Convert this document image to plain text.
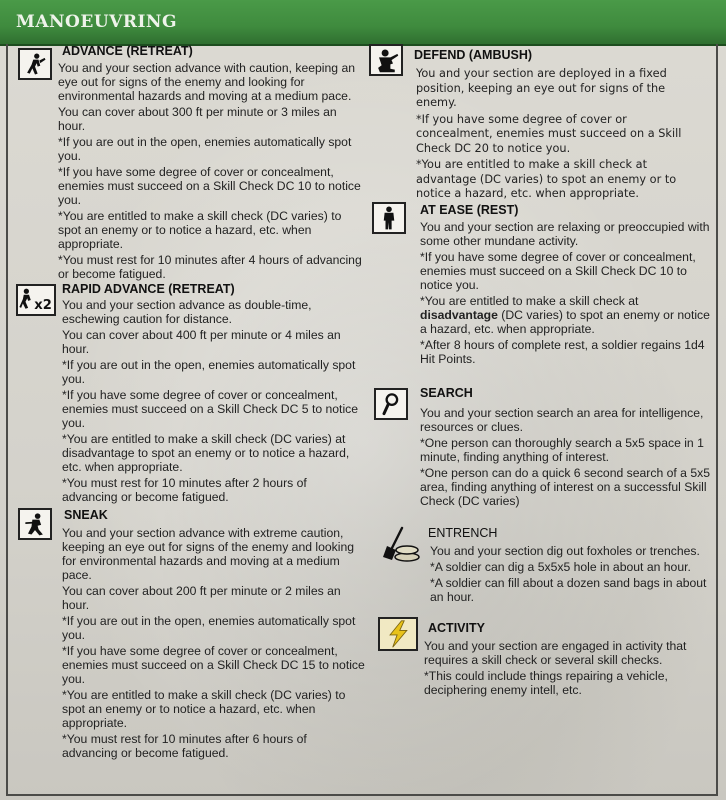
MANOEUVRING
ADVANCE (RETREAT)

You and your section advance with caution, keeping an eye out for signs of the enemy and looking for environmental hazards and moving at a medium pace.

You can cover about 300 ft per minute or 3 miles an hour.

*If you are out in the open, enemies automatically spot you.

*If you have some degree of cover or concealment, enemies must succeed on a Skill Check DC 10 to notice you.

*You are entitled to make a skill check (DC varies) to spot an enemy or to notice a hazard, etc. when appropriate.

*You must rest for 10 minutes after 4 hours of advancing or become fatigued.

x2
RAPID ADVANCE (RETREAT)

You and your section advance as double-time, eschewing caution for distance.

You can cover about 400 ft per minute or 4 miles an hour.

*If you are out in the open, enemies automatically spot you.

*If you have some degree of cover or concealment, enemies must succeed on a Skill Check DC 5 to notice you.

*You are entitled to make a skill check (DC varies) at disadvantage to spot an enemy or to notice a hazard, etc. when appropriate.

*You must rest for 10 minutes after 2 hours of advancing or become fatigued.

SNEAK

You and your section advance with extreme caution, keeping an eye out for signs of the enemy and looking for environmental hazards and moving at a medium pace.

You can cover about 200 ft per minute or 2 miles an hour.

*If you are out in the open, enemies automatically spot you.

*If you have some degree of cover or concealment, enemies must succeed on a Skill Check DC 15 to notice you.

*You are entitled to make a skill check (DC varies) to spot an enemy or to notice a hazard, etc. when appropriate.

*You must rest for 10 minutes after 6 hours of advancing or become fatigued.

DEFEND (AMBUSH)

You and your section are deployed in a fixed position, keeping an eye out for signs of the enemy.

*If you have some degree of cover or concealment, enemies must succeed on a Skill Check DC 20 to notice you.

*You are entitled to make a skill check at advantage (DC varies) to spot an enemy or to notice a hazard, etc. when appropriate.

AT EASE (REST)

You and your section are relaxing or preoccupied with some other mundane activity.

*If you have some degree of cover or concealment, enemies must succeed on a Skill Check DC 10 to notice you.

*You are entitled to make a skill check at
disadvantage (DC varies) to spot an enemy or notice a hazard, etc. when appropriate.

*After 8 hours of complete rest, a soldier regains 1d4 Hit Points.

SEARCH

You and your section search an area for intelligence, resources or clues.

*One person can thoroughly search a 5x5 space in 1 minute, finding anything of interest.

*One person can do a quick 6 second search of a 5x5 area, finding anything of interest on a successful Skill Check (DC varies)

ENTRENCH

You and your section dig out foxholes or trenches.

*A soldier can dig a 5x5x5 hole in about an hour.

*A soldier can fill about a dozen sand bags in about an hour.

ACTIVITY

You and your section are engaged in activity that requires a skill check or several skill checks.

*This could include things repairing a vehicle, deciphering enemy intell, etc.
